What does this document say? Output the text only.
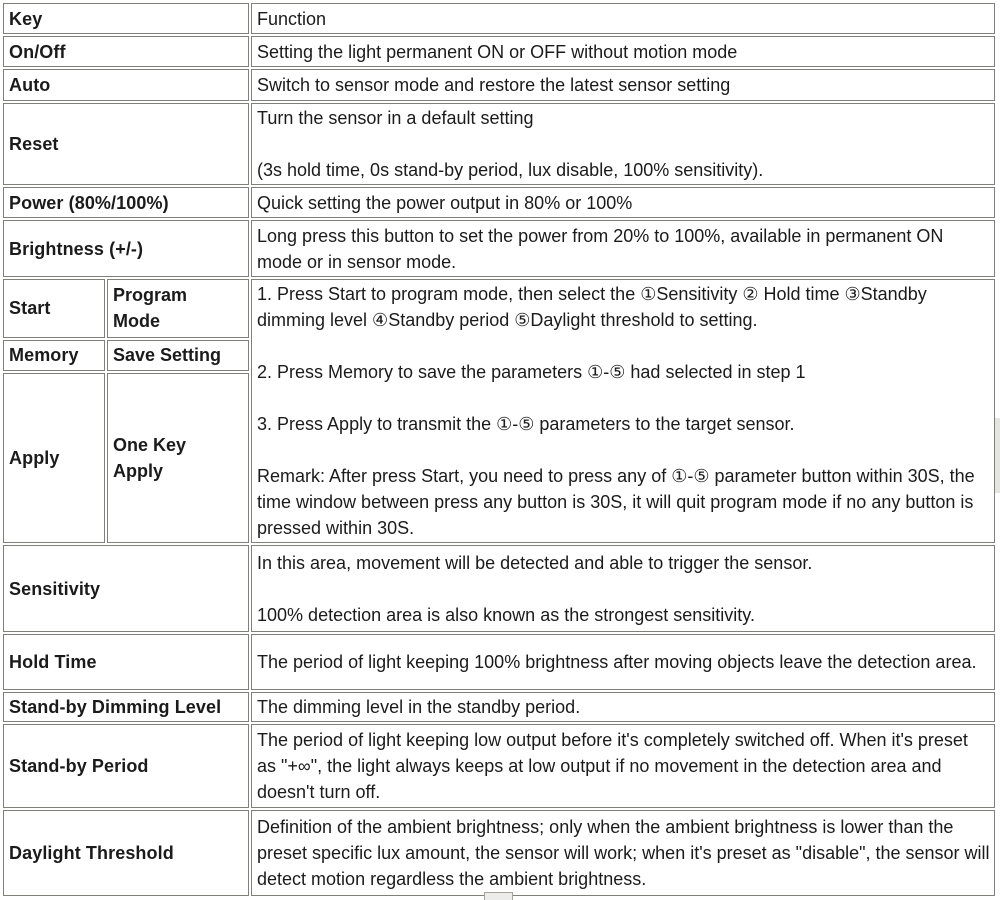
Key		Function
On/Off		Setting the light permanent ON or OFF without motion mode

Auto		Switch to sensor mode and restore the latest sensor setting

Reset		Turn the sensor in a default setting
(3s hold time, 0s stand-by period, lux disable, 100% sensitivity).

Power (80%/100%)		Quick setting the power output in 80% or 100%

Brightness (+/-)		Long press this button to set the power from 20% to 100%, available in permanent ON mode or in sensor mode.

Start	Program Mode	1. Press Start to program mode, then select the ①Sensitivity ② Hold time ③Standby dimming level ④Standby period ⑤Daylight threshold to setting.
2. Press Memory to save the parameters ①-⑤ had selected in step 1
3. Press Apply to transmit the ①-⑤ parameters to the target sensor.
Remark: After press Start, you need to press any of ①-⑤ parameter button within 30S, the time window between press any button is 30S, it will quit program mode if no any button is pressed within 30S.

Memory	Save Setting	
Apply	One Key Apply	
Sensitivity		In this area, movement will be detected and able to trigger the sensor.
100% detection area is also known as the strongest sensitivity.

Hold Time		The period of light keeping 100% brightness after moving objects leave the detection area.

Stand-by Dimming Level		The dimming level in the standby period.

Stand-by Period		The period of light keeping low output before it's completely switched off. When it's preset as "+∞", the light always keeps at low output if no movement in the detection area and doesn't turn off.

Daylight Threshold		Definition of the ambient brightness; only when the ambient brightness is lower than the preset specific lux amount, the sensor will work; when it's preset as "disable", the sensor will detect motion regardless the ambient brightness.
